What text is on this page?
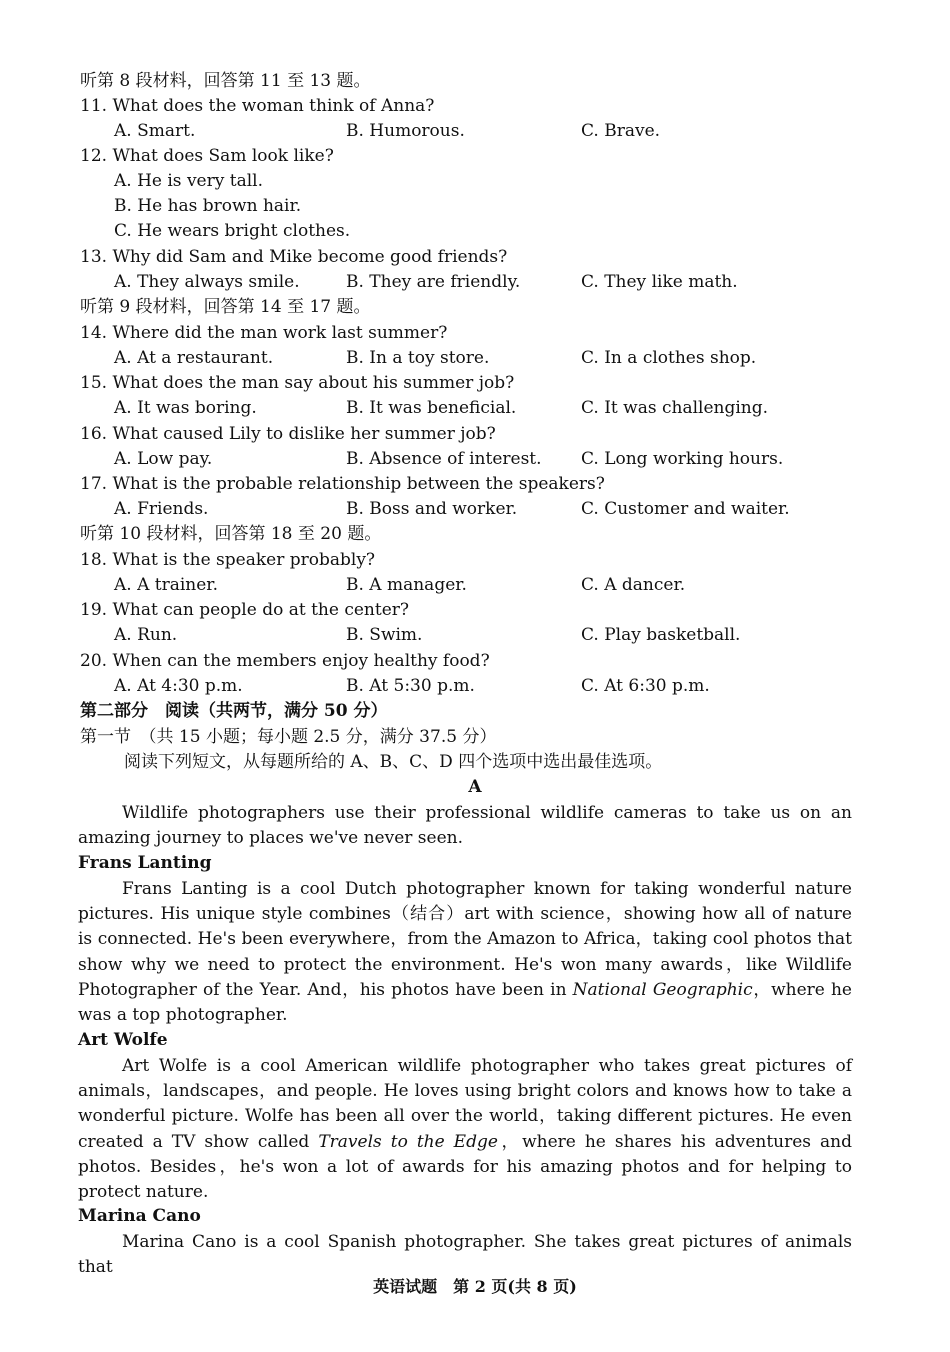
听第 8 段材料，回答第 11 至 13 题。
11. What does the woman think of Anna?
A. Smart.	B. Humorous.	C. Brave.
12. What does Sam look like?
A. He is very tall.
B. He has brown hair.
C. He wears bright clothes.
13. Why did Sam and Mike become good friends?
A. They always smile.	B. They are friendly.	C. They like math.
听第 9 段材料，回答第 14 至 17 题。
14. Where did the man work last summer?
A. At a restaurant.	B. In a toy store.	C. In a clothes shop.
15. What does the man say about his summer job?
A. It was boring.	B. It was beneficial.	C. It was challenging.
16. What caused Lily to dislike her summer job?
A. Low pay.	B. Absence of interest. C. Long working hours.
17. What is the probable relationship between the speakers?
A. Friends.	B. Boss and worker.	C. Customer and waiter.
听第 10 段材料，回答第 18 至 20 题。
18. What is the speaker probably?
A. A trainer.	B. A manager.	C. A dancer.
19. What can people do at the center?
A. Run.	B. Swim.	C. Play basketball.
20. When can the members enjoy healthy food?
A. At 4:30 p.m.	B. At 5:30 p.m.	C. At 6:30 p.m.
第二部分　阅读（共两节，满分 50 分）
第一节　（共 15 小题；每小题 2.5 分，满分 37.5 分）
阅读下列短文，从每题所给的 A、B、C、D 四个选项中选出最佳选项。
A
Wildlife photographers use their professional wildlife cameras to take us on an amazing journey to places we've never seen.
Frans Lanting
Frans Lanting is a cool Dutch photographer known for taking wonderful nature pictures. His unique style combines（结合）art with science，showing how all of nature is connected. He's been everywhere，from the Amazon to Africa，taking cool photos that show why we need to protect the environment. He's won many awards，like Wildlife Photographer of the Year. And，his photos have been in National Geographic，where he was a top photographer.
Art Wolfe
Art Wolfe is a cool American wildlife photographer who takes great pictures of animals，landscapes，and people. He loves using bright colors and knows how to take a wonderful picture. Wolfe has been all over the world，taking different pictures. He even created a TV show called Travels to the Edge，where he shares his adventures and photos. Besides，he's won a lot of awards for his amazing photos and for helping to protect nature.
Marina Cano
Marina Cano is a cool Spanish photographer. She takes great pictures of animals that
英语试题　第 2 页(共 8 页)
